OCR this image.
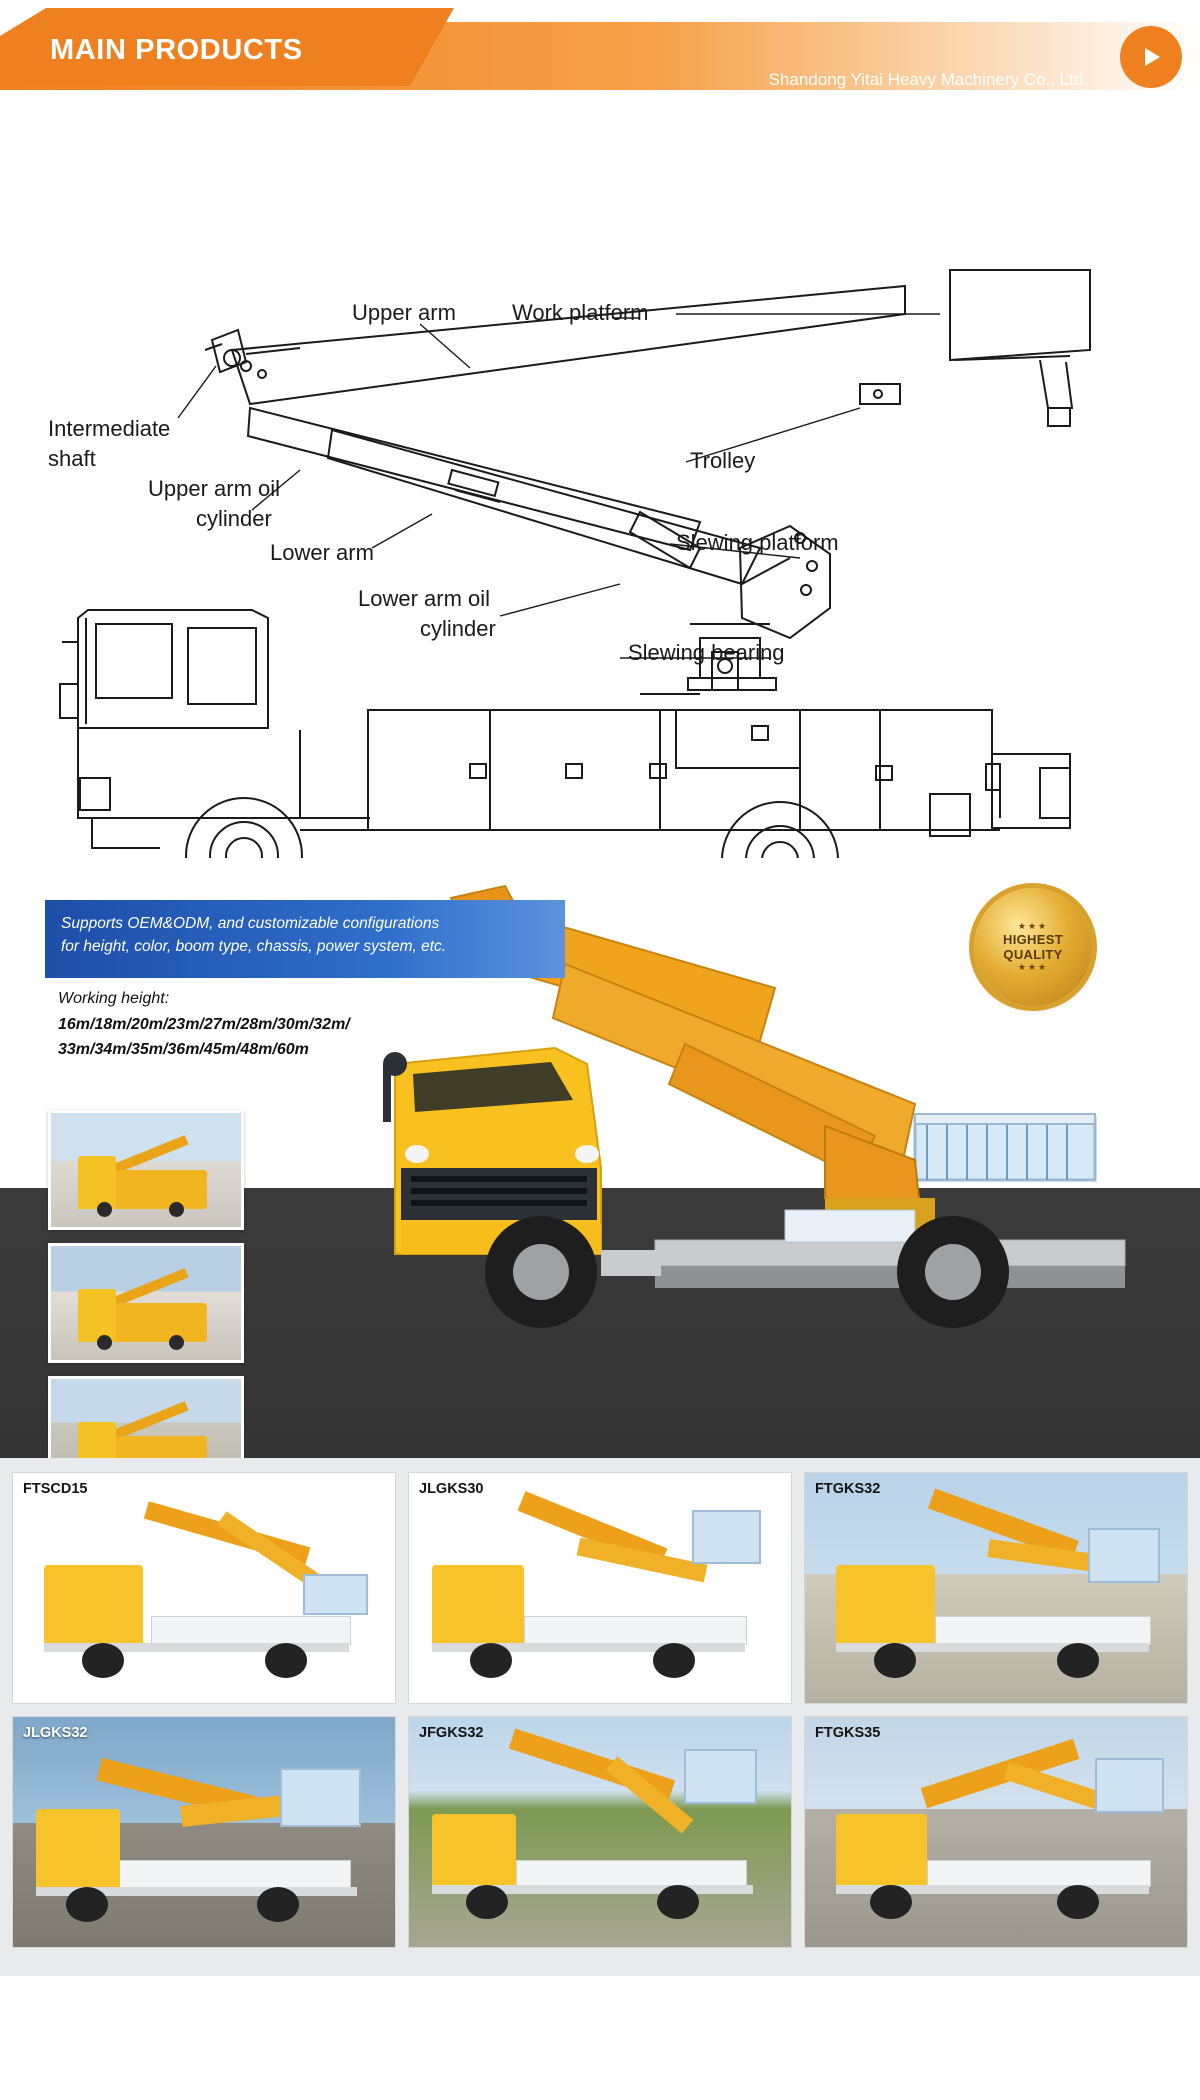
MAIN PRODUCTS
Shandong Yitai Heavy Machinery Co., Ltd.
Upper arm	Work platform
Intermediate
shaft
Upper arm oil
cylinder
Lower arm
Lower arm oil
cylinder
Trolley
Slewing platform
Slewing bearing
M5
Supports OEM&ODM, and customizable configurations
for height, color, boom type, chassis, power system, etc.
Working height:
16m/18m/20m/23m/27m/28m/30m/32m/ 33m/34m/35m/36m/45m/48m/60m
★★★
HIGHEST
QUALITY
★★★

FTSCD15	JLGKS30	FTGKS32
JLGKS32	JFGKS32	FTGKS35
